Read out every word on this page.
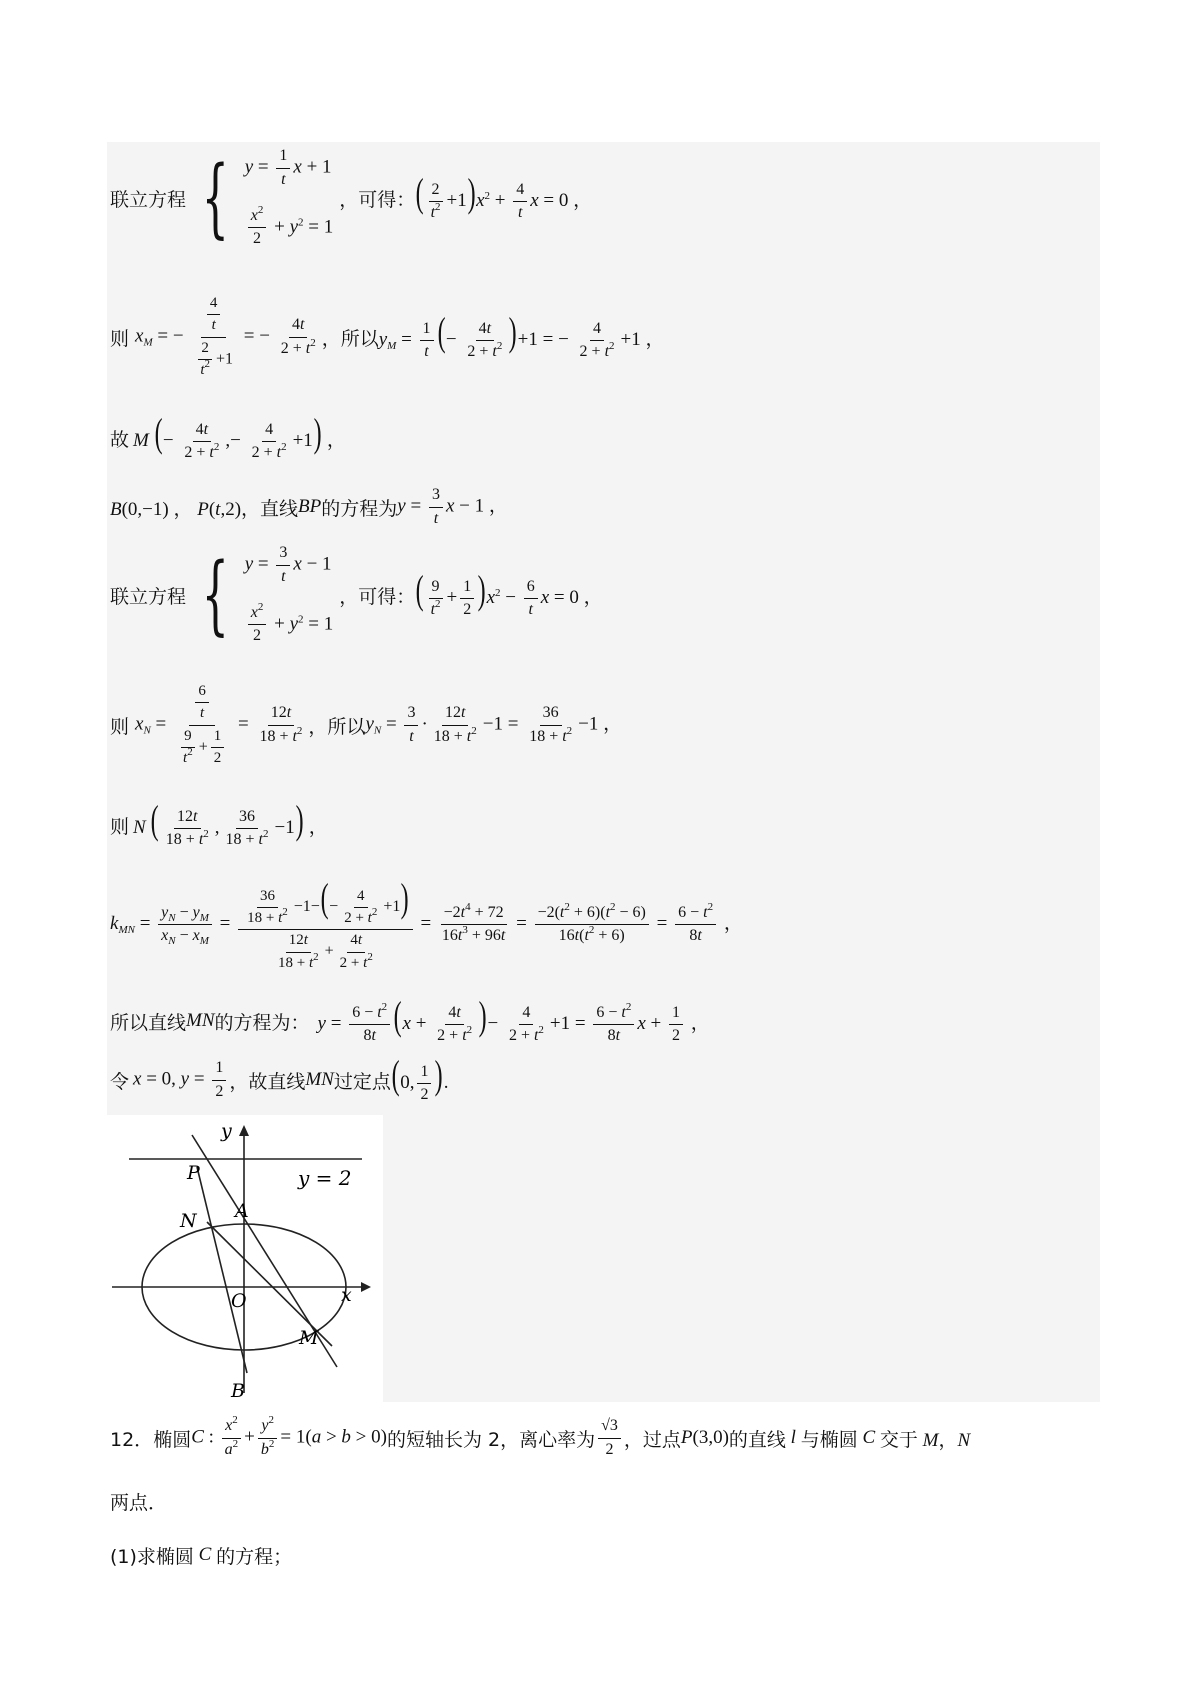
联立方程 { $y = \frac{1}{t}$ x + 1
$\frac{x^2}{2} + y^2 = 1$
，可得： ( $\frac{2}{t^2} +1)x^2 + \frac{4}{t}$ x = 0 ，
则 $x_M$ = − $\frac{\frac{4}{t}}{\frac{2}{t^2} +1}$ = − $\frac{4t}{2 + t^2}$ ，所以 $y_M = \frac{1}{t}$ (− $\frac{4t}{2 + t^2} )+1$ = − $\frac{4}{2 + t^2} +1$ ，
故 M (− $\frac{4t}{2 + t^2}$ ,− $\frac{4}{2 + t^2} +1$) ，
B(0,−1) ， P(t,2) ，直线 BP 的方程为 $y = \frac{3}{t}$ x − 1 ，
联立方程 { $y = \frac{3}{t}$ x − 1
$\frac{x^2}{2} + y^2 = 1$
，可得： ( $\frac{9}{t^2} + \frac{1}{2} )x^2 - \frac{6}{t}$ x = 0 ，
则 $x_N = \frac{\frac{6}{t}}{\frac{9}{t^2} + \frac{1}{2}} = \frac{12t}{18 + t^2}$ ，所以 $y_N = \frac{3}{t} \cdot \frac{12t}{18 + t^2} -1 = \frac{36}{18 + t^2} -1$ ，
则 N ( $\frac{12t}{18 + t^2}$ , $\frac{36}{18 + t^2} -1$) ，
$k_{MN} = \frac{y_N - y_M}{x_N - x_M} = \frac{\frac{36}{18 + t^2} -1-(- \frac{4}{2 + t^2} +1)}{\frac{12t}{18 + t^2} + \frac{4t}{2 + t^2}} = \frac{-2t^4 + 72}{16t^3 + 96t} = \frac{-2(t^2 + 6)(t^2 - 6)}{16t(t^2 + 6)} = \frac{6 - t^2}{8t}$ ，
所以直线 MN 的方程为： $y = \frac{6 - t^2}{8t} (x + \frac{4t}{2 + t^2}$ )− $\frac{4}{2 + t^2} +1 = \frac{6 - t^2}{8t}$ $x + \frac{1}{2}$ ，
令 x = 0, $y = \frac{1}{2}$ ，故直线 MN 过定点 (0, $\frac{1}{2}$ ).
y
x
P
N A
O
M
B
y = 2
12． 椭圆 C : $\frac{x^2}{a^2} + \frac{y^2}{b^2} = 1(a > b > 0)$ 的短轴长为 2，离心率为 $\frac{√3}{2}$ ，过点 P(3,0) 的直线 l 与椭圆 C 交于 M，N
两点．
(1)求椭圆 C 的方程；
